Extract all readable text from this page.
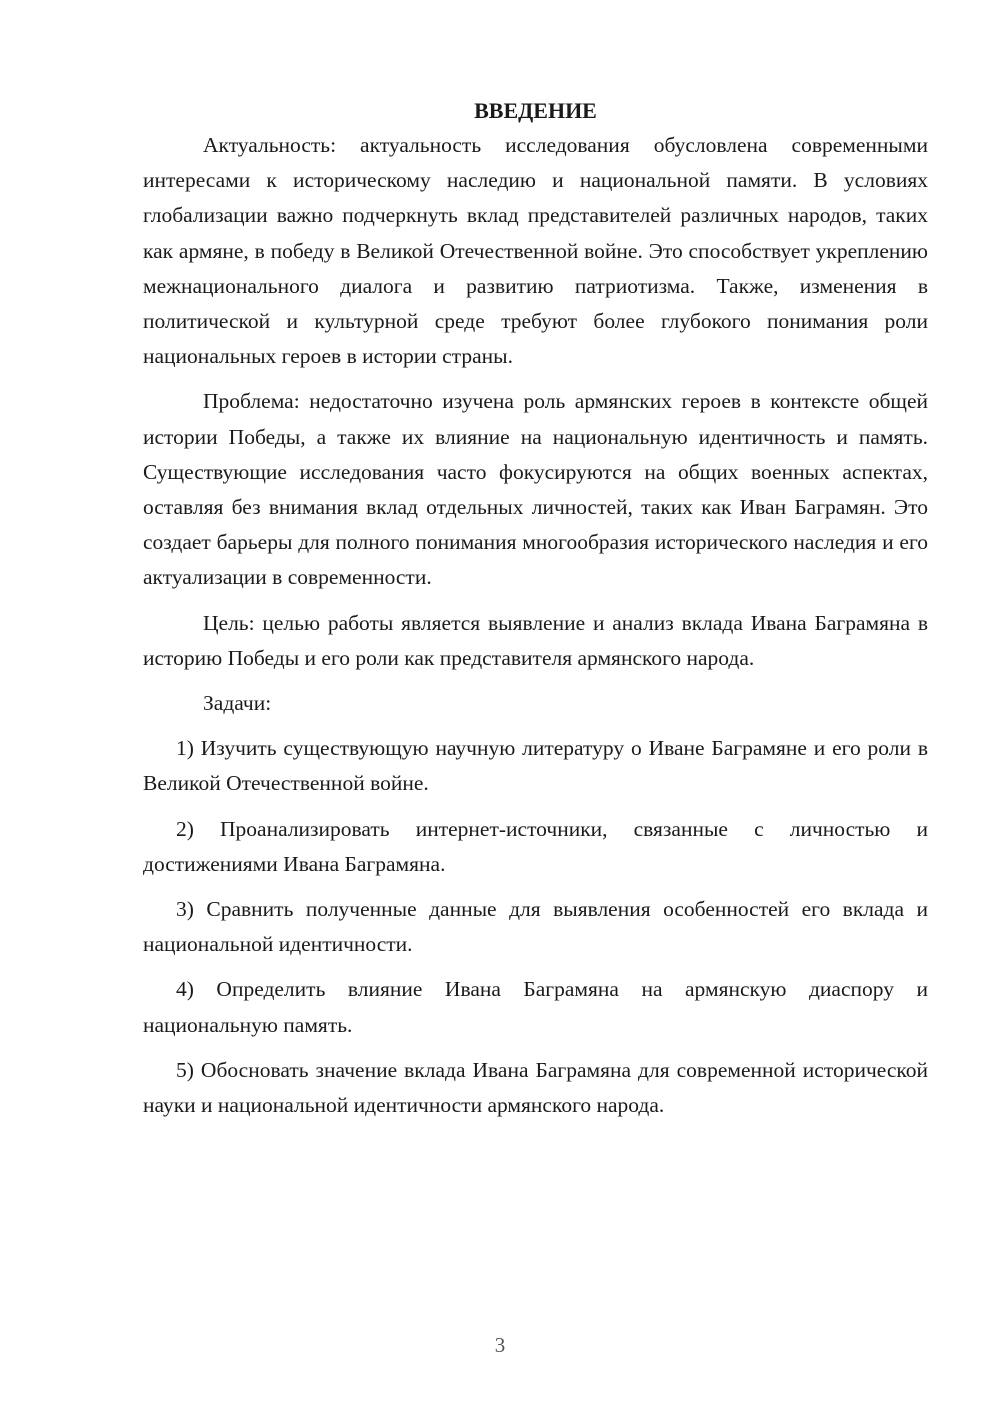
ВВЕДЕНИЕ

Актуальность: актуальность исследования обусловлена современными интересами к историческому наследию и национальной памяти. В условиях глобализации важно подчеркнуть вклад представителей различных народов, таких как армяне, в победу в Великой Отечественной войне. Это способствует укреплению межнационального диалога и развитию патриотизма. Также, изменения в политической и культурной среде требуют более глубокого понимания роли национальных героев в истории страны.

Проблема: недостаточно изучена роль армянских героев в контексте общей истории Победы, а также их влияние на национальную идентичность и память. Существующие исследования часто фокусируются на общих военных аспектах, оставляя без внимания вклад отдельных личностей, таких как Иван Баграмян. Это создает барьеры для полного понимания многообразия исторического наследия и его актуализации в современности.

Цель: целью работы является выявление и анализ вклада Ивана Баграмяна в историю Победы и его роли как представителя армянского народа.

Задачи:

1) Изучить существующую научную литературу о Иване Баграмяне и его роли в Великой Отечественной войне.

2) Проанализировать интернет-источники, связанные с личностью и достижениями Ивана Баграмяна.

3) Сравнить полученные данные для выявления особенностей его вклада и национальной идентичности.

4) Определить влияние Ивана Баграмяна на армянскую диаспору и национальную память.

5) Обосновать значение вклада Ивана Баграмяна для современной исторической науки и национальной идентичности армянского народа.

3
